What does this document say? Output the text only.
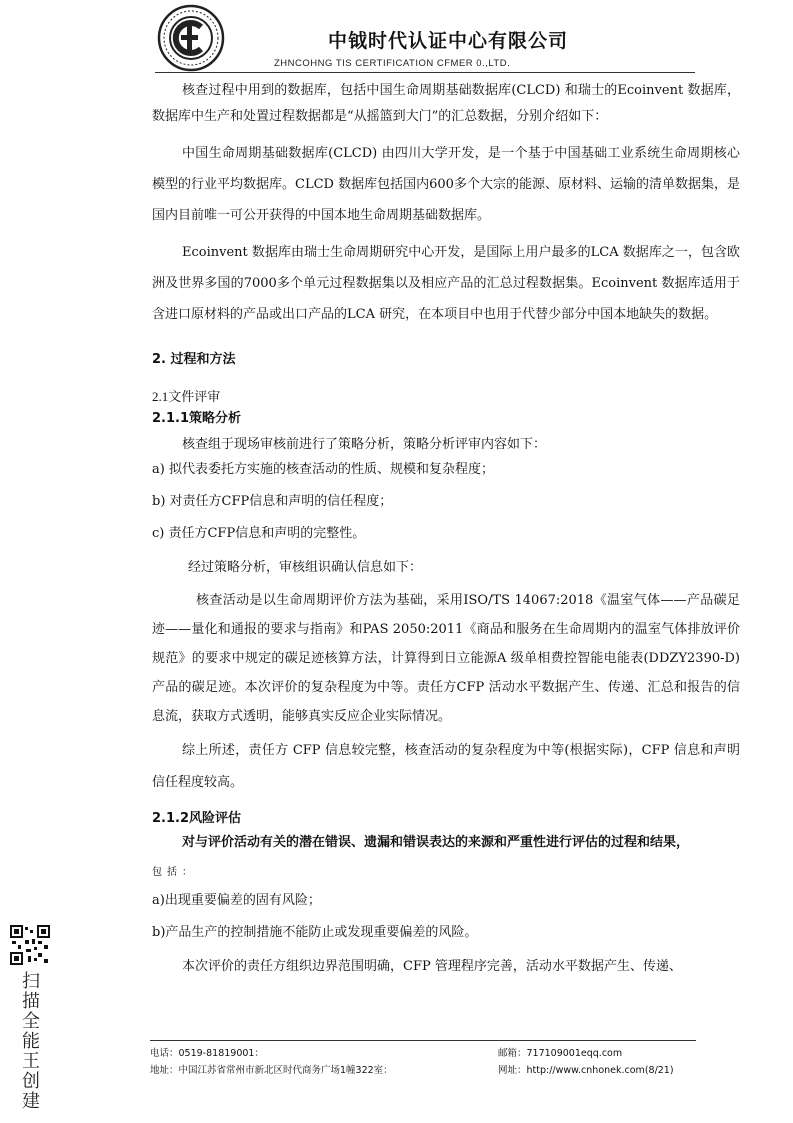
中钺时代认证中心有限公司
ZHNCOHNG TIS CERTIFICATION CFMER 0.,LTD.

核查过程中用到的数据库，包括中国生命周期基础数据库(CLCD) 和瑞士的Ecoinvent 数据库，数据库中生产和处置过程数据都是“从摇篮到大门”的汇总数据，分别介绍如下：

中国生命周期基础数据库(CLCD) 由四川大学开发，是一个基于中国基础工业系统生命周期核心模型的行业平均数据库。CLCD 数据库包括国内600多个大宗的能源、原材料、运输的清单数据集，是国内目前唯一可公开获得的中国本地生命周期基础数据库。

Ecoinvent 数据库由瑞士生命周期研究中心开发，是国际上用户最多的LCA 数据库之一，包含欧洲及世界多国的7000多个单元过程数据集以及相应产品的汇总过程数据集。Ecoinvent 数据库适用于含进口原材料的产品或出口产品的LCA 研究，在本项目中也用于代替少部分中国本地缺失的数据。

2. 过程和方法

2.1文件评审

2.1.1策略分析

核查组于现场审核前进行了策略分析，策略分析评审内容如下：

a) 拟代表委托方实施的核查活动的性质、规模和复杂程度；

b) 对责任方CFP信息和声明的信任程度；

c) 责任方CFP信息和声明的完整性。

经过策略分析，审核组识确认信息如下：

核查活动是以生命周期评价方法为基础，采用ISO/TS 14067:2018《温室气体——产品碳足迹——量化和通报的要求与指南》和PAS 2050:2011《商品和服务在生命周期内的温室气体排放评价规范》的要求中规定的碳足迹核算方法，计算得到日立能源A 级单相费控智能电能表(DDZY2390-D) 产品的碳足迹。本次评价的复杂程度为中等。责任方CFP 活动水平数据产生、传递、汇总和报告的信息流，获取方式透明，能够真实反应企业实际情况。

综上所述，责任方 CFP 信息较完整，核查活动的复杂程度为中等(根据实际)，CFP 信息和声明信任程度较高。

2.1.2风险评估

对与评价活动有关的潜在错误、遗漏和错误表达的来源和严重性进行评估的过程和结果，

包括：

a)出现重要偏差的固有风险；

b)产品生产的控制措施不能防止或发现重要偏差的风险。

本次评价的责任方组织边界范围明确，CFP 管理程序完善，活动水平数据产生、传递、

扫描全能王创建	电话：0519-81819001：	邮箱：717109001eqq.com
地址：中国江苏省常州市新北区时代商务广场1幢322室：	网址：http://www.cnhonek.com(8/21)
